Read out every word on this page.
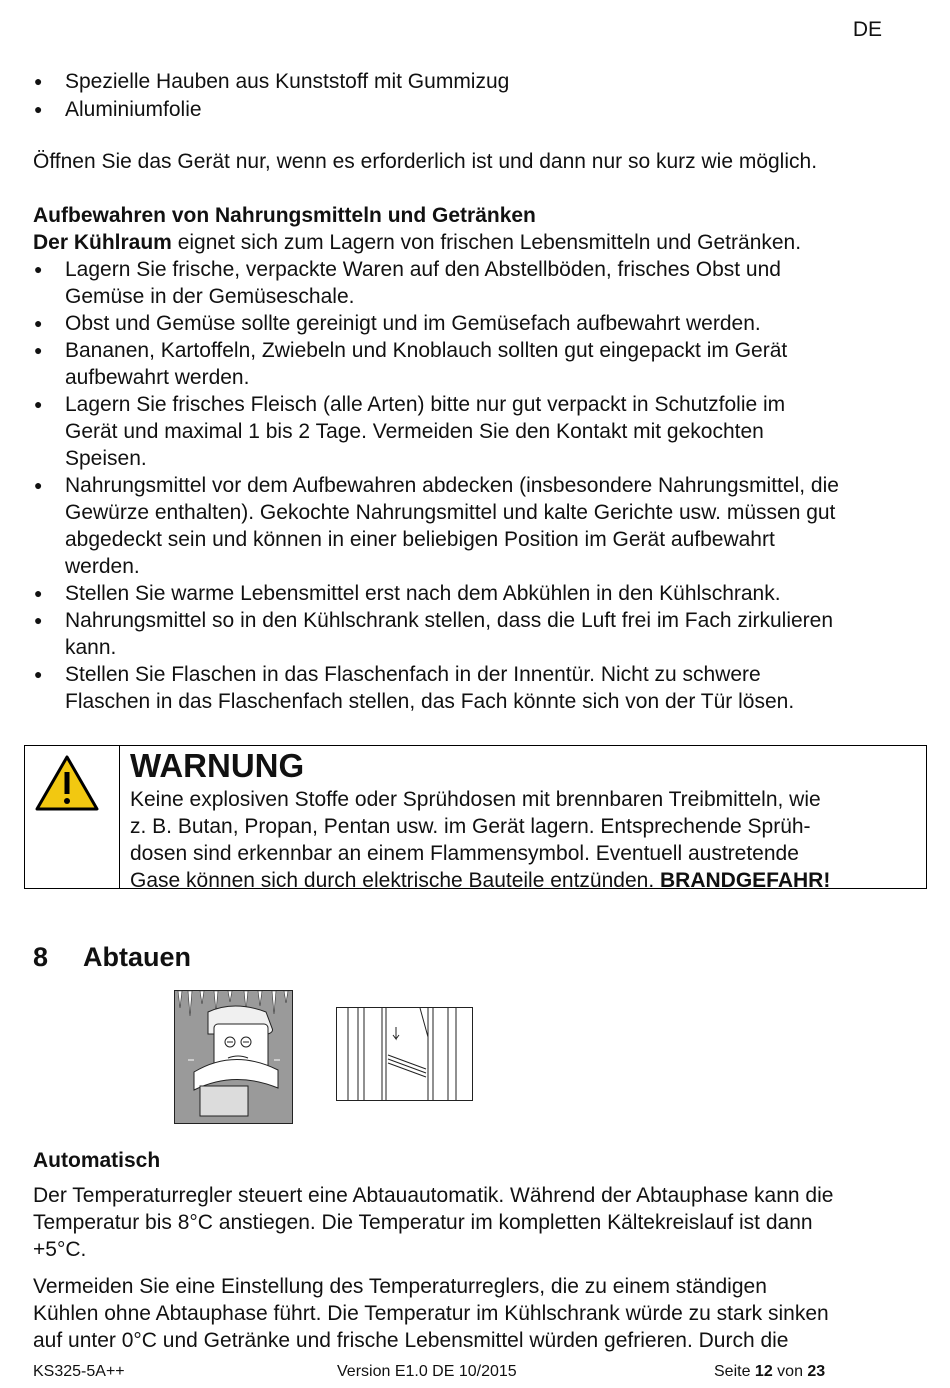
DE
● Spezielle Hauben aus Kunststoff mit Gummizug
● Aluminiumfolie
Öffnen Sie das Gerät nur, wenn es erforderlich ist und dann nur so kurz wie möglich.
Aufbewahren von Nahrungsmitteln und Getränken
Der Kühlraum eignet sich zum Lagern von frischen Lebensmitteln und Getränken.
● Lagern Sie frische, verpackte Waren auf den Abstellböden, frisches Obst und
Gemüse in der Gemüseschale.
● Obst und Gemüse sollte gereinigt und im Gemüsefach aufbewahrt werden.
● Bananen, Kartoffeln, Zwiebeln und Knoblauch sollten gut eingepackt im Gerät
aufbewahrt werden.
● Lagern Sie frisches Fleisch (alle Arten) bitte nur gut verpackt in Schutzfolie im
Gerät und maximal 1 bis 2 Tage. Vermeiden Sie den Kontakt mit gekochten
Speisen.
● Nahrungsmittel vor dem Aufbewahren abdecken (insbesondere Nahrungsmittel, die
Gewürze enthalten). Gekochte Nahrungsmittel und kalte Gerichte usw. müssen gut
abgedeckt sein und können in einer beliebigen Position im Gerät aufbewahrt
werden.
● Stellen Sie warme Lebensmittel erst nach dem Abkühlen in den Kühlschrank.
● Nahrungsmittel so in den Kühlschrank stellen, dass die Luft frei im Fach zirkulieren
kann.
● Stellen Sie Flaschen in das Flaschenfach in der Innentür. Nicht zu schwere
Flaschen in das Flaschenfach stellen, das Fach könnte sich von der Tür lösen.
WARNUNG
Keine explosiven Stoffe oder Sprühdosen mit brennbaren Treibmitteln, wie
z. B. Butan, Propan, Pentan usw. im Gerät lagern. Entsprechende Sprüh-
dosen sind erkennbar an einem Flammensymbol. Eventuell austretende
Gase können sich durch elektrische Bauteile entzünden. BRANDGEFAHR!
8 Abtauen
Automatisch
Der Temperaturregler steuert eine Abtauautomatik. Während der Abtauphase kann die
Temperatur bis 8°C anstiegen. Die Temperatur im kompletten Kältekreislauf ist dann
+5°C.
Vermeiden Sie eine Einstellung des Temperaturreglers, die zu einem ständigen
Kühlen ohne Abtauphase führt. Die Temperatur im Kühlschrank würde zu stark sinken
auf unter 0°C und Getränke und frische Lebensmittel würden gefrieren. Durch die
KS325-5A++	Version E1.0 DE 10/2015	Seite 12 von 23
